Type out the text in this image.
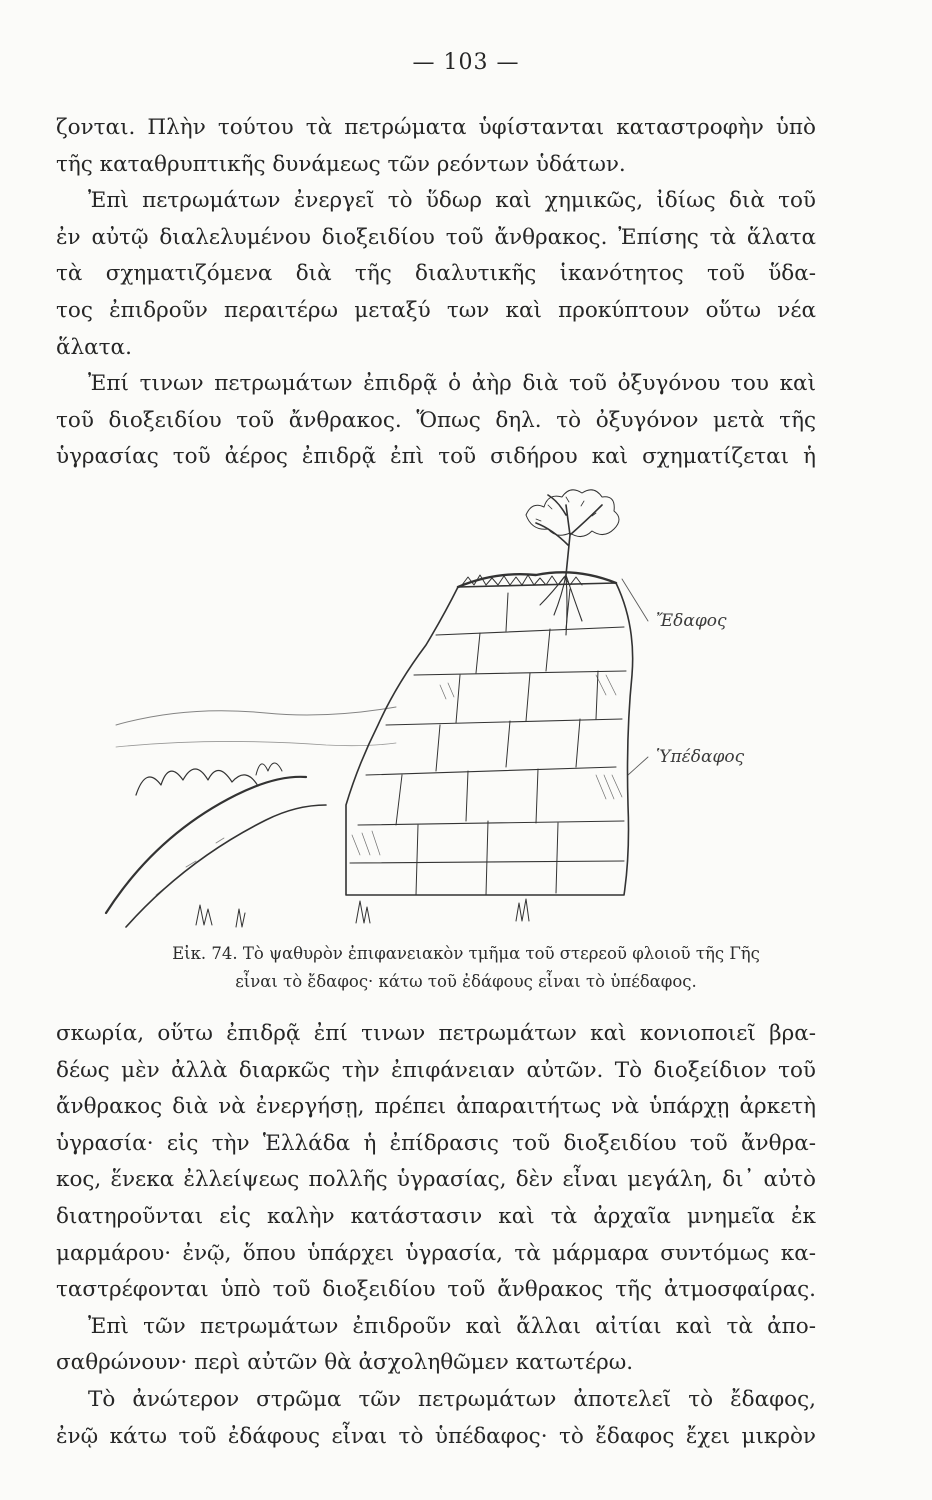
— 103 —
ζονται. Πλὴν τούτου τὰ πετρώματα ὑφίστανται καταστροφὴν ὑπὸ
τῆς καταθρυπτικῆς δυνάμεως τῶν ρεόντων ὑδάτων.
Ἐπὶ πετρωμάτων ἐνεργεῖ τὸ ὕδωρ καὶ χημικῶς, ἰδίως διὰ τοῦ
ἐν αὐτῷ διαλελυμένου διοξειδίου τοῦ ἄνθρακος. Ἐπίσης τὰ ἅλατα
τὰ σχηματιζόμενα διὰ τῆς διαλυτικῆς ἱκανότητος τοῦ ὕδα-
τος ἐπιδροῦν περαιτέρω μεταξύ των καὶ προκύπτουν οὕτω νέα
ἅλατα.
Ἐπί τινων πετρωμάτων ἐπιδρᾷ ὁ ἀὴρ διὰ τοῦ ὀξυγόνου του καὶ
τοῦ διοξειδίου τοῦ ἄνθρακος. Ὅπως δηλ. τὸ ὀξυγόνον μετὰ τῆς
ὑγρασίας τοῦ ἀέρος ἐπιδρᾷ ἐπὶ τοῦ σιδήρου καὶ σχηματίζεται ἡ
Ἔδαφος
Ὑπέδαφος
Εἰκ. 74. Τὸ ψαθυρὸν ἐπιφανειακὸν τμῆμα τοῦ στερεοῦ φλοιοῦ τῆς Γῆς
εἶναι τὸ ἔδαφος· κάτω τοῦ ἐδάφους εἶναι τὸ ὑπέδαφος.
σκωρία, οὕτω ἐπιδρᾷ ἐπί τινων πετρωμάτων καὶ κονιοποιεῖ βρα-
δέως μὲν ἀλλὰ διαρκῶς τὴν ἐπιφάνειαν αὐτῶν. Τὸ διοξείδιον τοῦ
ἄνθρακος διὰ νὰ ἐνεργήσῃ, πρέπει ἀπαραιτήτως νὰ ὑπάρχῃ ἀρκετὴ
ὑγρασία· εἰς τὴν Ἑλλάδα ἡ ἐπίδρασις τοῦ διοξειδίου τοῦ ἄνθρα-
κος, ἕνεκα ἐλλείψεως πολλῆς ὑγρασίας, δὲν εἶναι μεγάλη, δι᾽ αὐτὸ
διατηροῦνται εἰς καλὴν κατάστασιν καὶ τὰ ἀρχαῖα μνημεῖα ἐκ
μαρμάρου· ἐνῷ, ὅπου ὑπάρχει ὑγρασία, τὰ μάρμαρα συντόμως κα-
ταστρέφονται ὑπὸ τοῦ διοξειδίου τοῦ ἄνθρακος τῆς ἀτμοσφαίρας.
Ἐπὶ τῶν πετρωμάτων ἐπιδροῦν καὶ ἄλλαι αἰτίαι καὶ τὰ ἀπο-
σαθρώνουν· περὶ αὐτῶν θὰ ἀσχοληθῶμεν κατωτέρω.
Τὸ ἀνώτερον στρῶμα τῶν πετρωμάτων ἀποτελεῖ τὸ ἔδαφος,
ἐνῷ κάτω τοῦ ἐδάφους εἶναι τὸ ὑπέδαφος· τὸ ἔδαφος ἔχει μικρὸν
